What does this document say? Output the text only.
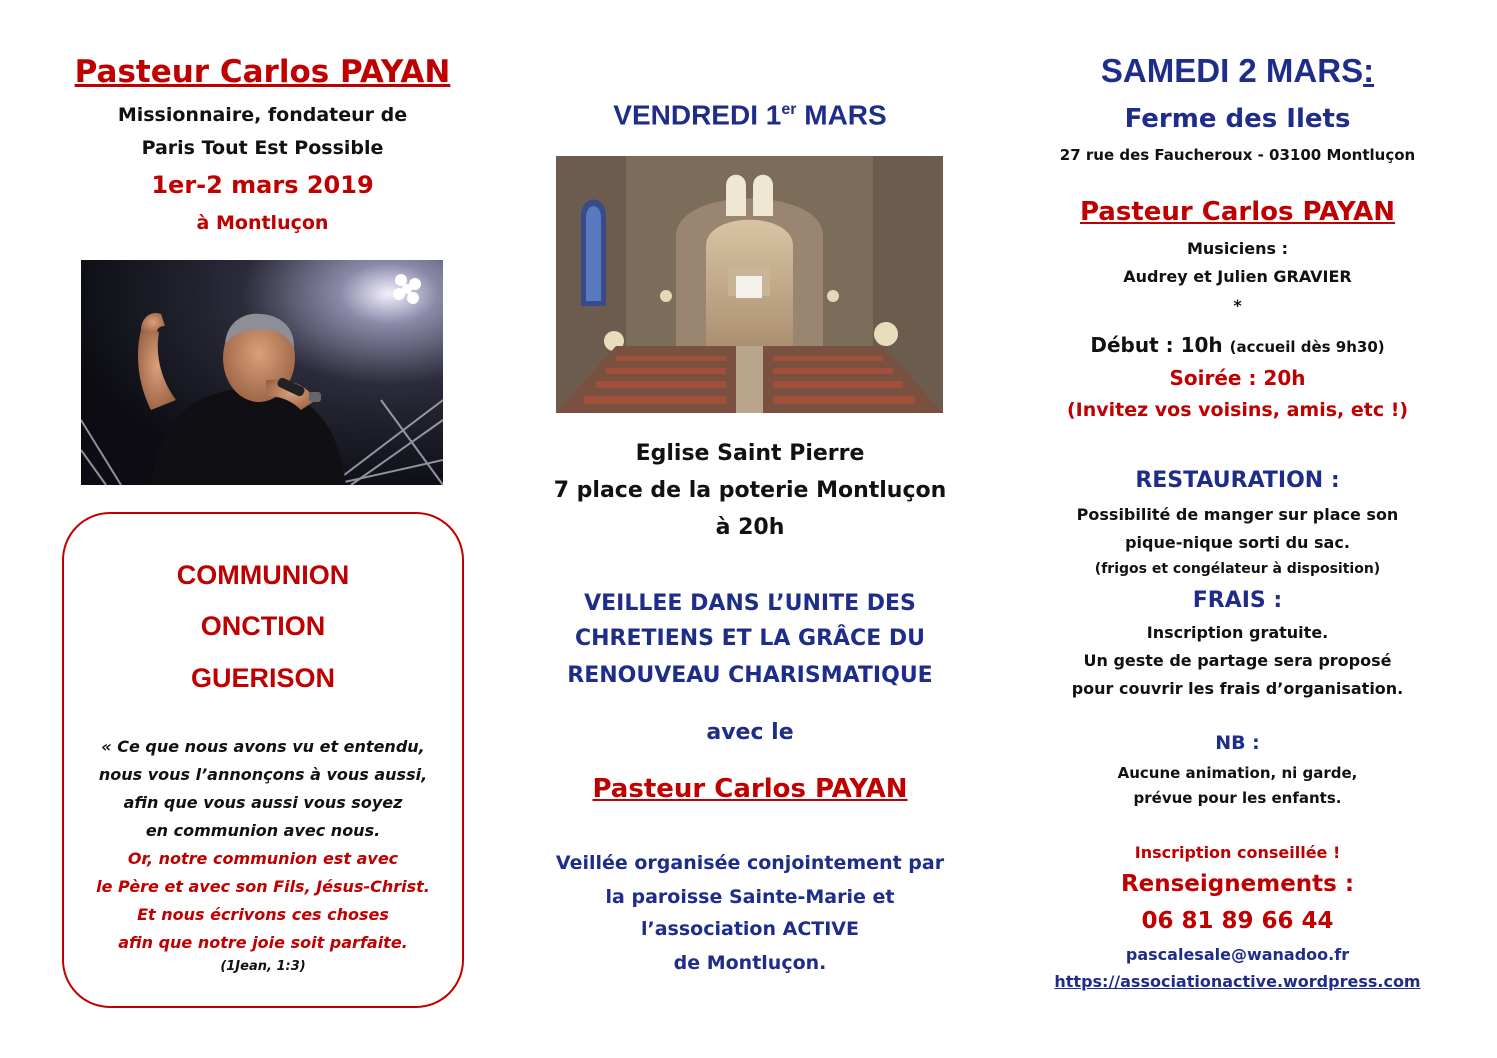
Pasteur Carlos PAYAN
Missionnaire, fondateur de
Paris Tout Est Possible
1er-2 mars 2019
à Montluçon
COMMUNION
ONCTION
GUERISON
« Ce que nous avons vu et entendu,
nous vous l’annonçons à vous aussi,
afin que vous aussi vous soyez
en communion avec nous.
Or, notre communion est avec
le Père et avec son Fils, Jésus-Christ.
Et nous écrivons ces choses
afin que notre joie soit parfaite.
(1Jean, 1:3)
VENDREDI 1er MARS
Eglise Saint Pierre
7 place de la poterie Montluçon
à 20h
VEILLEE DANS L’UNITE DES
CHRETIENS ET LA GRÂCE DU
RENOUVEAU CHARISMATIQUE
avec le
Pasteur Carlos PAYAN
Veillée organisée conjointement par
la paroisse Sainte-Marie et
l’association ACTIVE
de Montluçon.
SAMEDI 2 MARS:
Ferme des Ilets
27 rue des Faucheroux - 03100 Montluçon
Pasteur Carlos PAYAN
Musiciens :
Audrey et Julien GRAVIER
*
Début : 10h (accueil dès 9h30)
Soirée : 20h
(Invitez vos voisins, amis, etc !)
RESTAURATION :
Possibilité de manger sur place son
pique-nique sorti du sac.
(frigos et congélateur à disposition)
FRAIS :
Inscription gratuite.
Un geste de partage sera proposé
pour couvrir les frais d’organisation.
NB :
Aucune animation, ni garde,
prévue pour les enfants.
Inscription conseillée !
Renseignements :
06 81 89 66 44
pascalesale@wanadoo.fr
https://associationactive.wordpress.com
